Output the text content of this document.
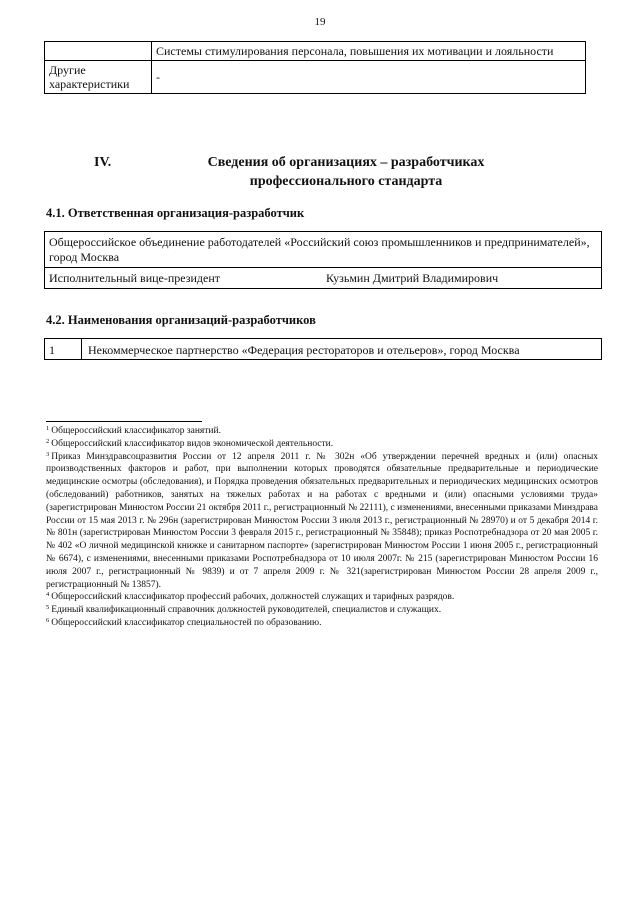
19
	Системы стимулирования персонала, повышения их мотивации и лояльности
Другие характеристики	-
IV.	Сведения об организациях – разработчиках профессионального стандарта
4.1. Ответственная организация-разработчик
Общероссийское объединение работодателей «Российский союз промышленников и предпринимателей», город Москва
Исполнительный вице-президент	Кузьмин Дмитрий Владимирович
4.2. Наименования организаций-разработчиков
1	Некоммерческое партнерство «Федерация рестораторов и отельеров», город Москва
$^1$ Общероссийский классификатор занятий.
$^2$ Общероссийский классификатор видов экономической деятельности.
$^3$ Приказ Минздравсоцразвития России от 12 апреля 2011 г. № 302н «Об утверждении перечней вредных и (или) опасных производственных факторов и работ, при выполнении которых проводятся обязательные предварительные и периодические медицинские осмотры (обследования), и Порядка проведения обязательных предварительных и периодических медицинских осмотров (обследований) работников, занятых на тяжелых работах и на работах с вредными и (или) опасными условиями труда» (зарегистрирован Минюстом России 21 октября 2011 г., регистрационный № 22111), с изменениями, внесенными приказами Минздрава России от 15 мая 2013 г. № 296н (зарегистрирован Минюстом России 3 июля 2013 г., регистрационный № 28970) и от 5 декабря 2014 г. № 801н (зарегистрирован Минюстом России 3 февраля 2015 г., регистрационный № 35848); приказ Роспотребнадзора от 20 мая 2005 г. № 402 «О личной медицинской книжке и санитарном паспорте» (зарегистрирован Минюстом России 1 июня 2005 г., регистрационный № 6674), с изменениями, внесенными приказами Роспотребнадзора от 10 июля 2007г. № 215 (зарегистрирован Минюстом России 16 июля 2007 г., регистрационный № 9839) и от 7 апреля 2009 г. № 321(зарегистрирован Минюстом России 28 апреля 2009 г., регистрационный № 13857).
$^4$ Общероссийский классификатор профессий рабочих, должностей служащих и тарифных разрядов.
$^5$ Единый квалификационный справочник должностей руководителей, специалистов и служащих.
$^6$ Общероссийский классификатор специальностей по образованию.
